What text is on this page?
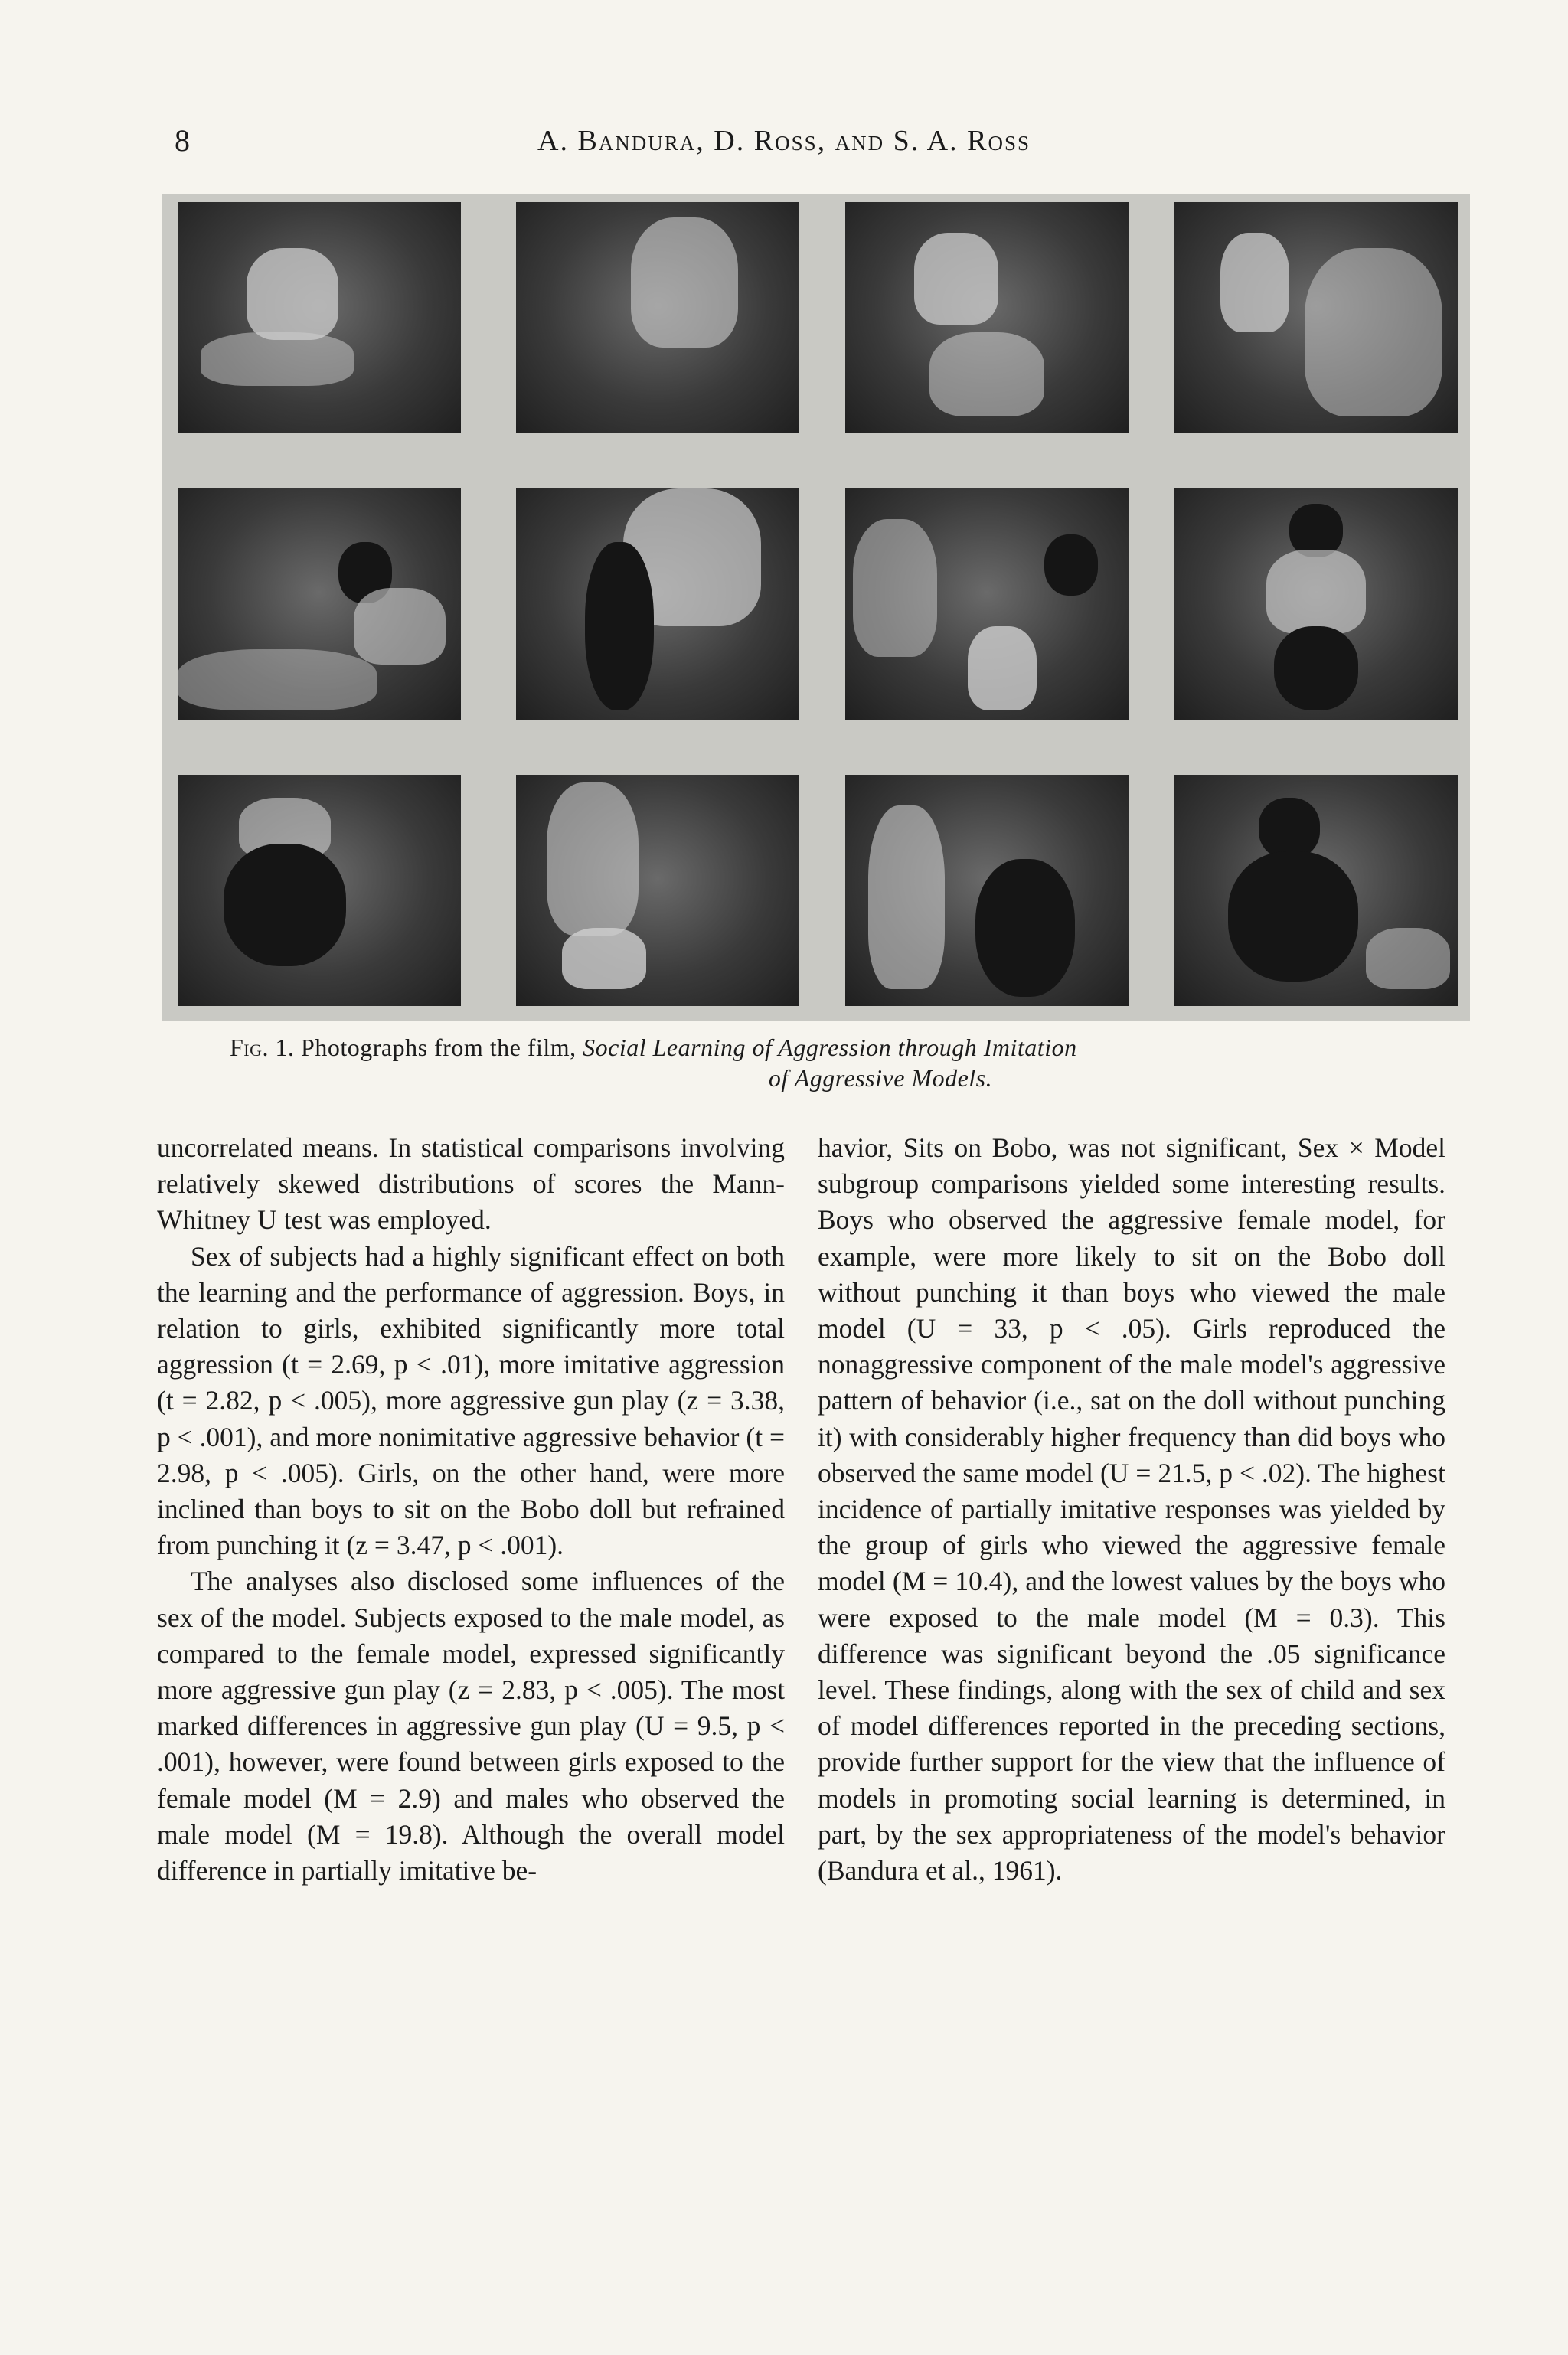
8	A. Bandura, D. Ross, and S. A. Ross
Fig. 1. Photographs from the film, Social Learning of Aggression through Imitation
of Aggressive Models.

uncorrelated means. In statistical comparisons involving relatively skewed distributions of scores the Mann-Whitney U test was employed.

Sex of subjects had a highly significant effect on both the learning and the performance of aggression. Boys, in relation to girls, exhibited significantly more total aggression (t = 2.69, p < .01), more imitative aggression (t = 2.82, p < .005), more aggressive gun play (z = 3.38, p < .001), and more nonimitative aggressive behavior (t = 2.98, p < .005). Girls, on the other hand, were more inclined than boys to sit on the Bobo doll but refrained from punching it (z = 3.47, p < .001).

The analyses also disclosed some influences of the sex of the model. Subjects exposed to the male model, as compared to the female model, expressed significantly more aggressive gun play (z = 2.83, p < .005). The most marked differences in aggressive gun play (U = 9.5, p < .001), however, were found between girls exposed to the female model (M = 2.9) and males who observed the male model (M = 19.8). Although the overall model difference in partially imitative be-

havior, Sits on Bobo, was not significant, Sex × Model subgroup comparisons yielded some interesting results. Boys who observed the aggressive female model, for example, were more likely to sit on the Bobo doll without punching it than boys who viewed the male model (U = 33, p < .05). Girls reproduced the nonaggressive component of the male model's aggressive pattern of behavior (i.e., sat on the doll without punching it) with considerably higher frequency than did boys who observed the same model (U = 21.5, p < .02). The highest incidence of partially imitative responses was yielded by the group of girls who viewed the aggressive female model (M = 10.4), and the lowest values by the boys who were exposed to the male model (M = 0.3). This difference was significant beyond the .05 significance level. These findings, along with the sex of child and sex of model differences reported in the preceding sections, provide further support for the view that the influence of models in promoting social learning is determined, in part, by the sex appropriateness of the model's behavior (Bandura et al., 1961).
